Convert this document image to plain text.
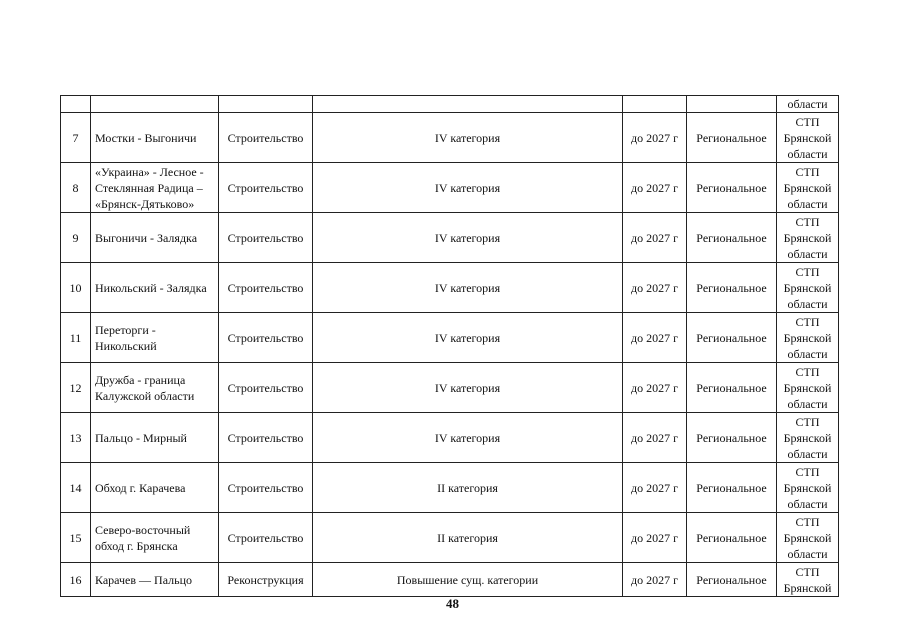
						области
7	Мостки - Выгоничи	Строительство	IV категория	до 2027 г	Региональное	СТП Брянской области
8	«Украина» - Лесное - Стеклянная Радица – «Брянск-Дятьково»	Строительство	IV категория	до 2027 г	Региональное	СТП Брянской области
9	Выгоничи - Залядка	Строительство	IV категория	до 2027 г	Региональное	СТП Брянской области
10	Никольский - Залядка	Строительство	IV категория	до 2027 г	Региональное	СТП Брянской области
11	Переторги - Никольский	Строительство	IV категория	до 2027 г	Региональное	СТП Брянской области
12	Дружба - граница Калужской области	Строительство	IV категория	до 2027 г	Региональное	СТП Брянской области
13	Пальцо - Мирный	Строительство	IV категория	до 2027 г	Региональное	СТП Брянской области
14	Обход г. Карачева	Строительство	II категория	до 2027 г	Региональное	СТП Брянской области
15	Северо-восточный обход г. Брянска	Строительство	II категория	до 2027 г	Региональное	СТП Брянской области
16	Карачев — Пальцо	Реконструкция	Повышение сущ. категории	до 2027 г	Региональное	СТП Брянской
48
